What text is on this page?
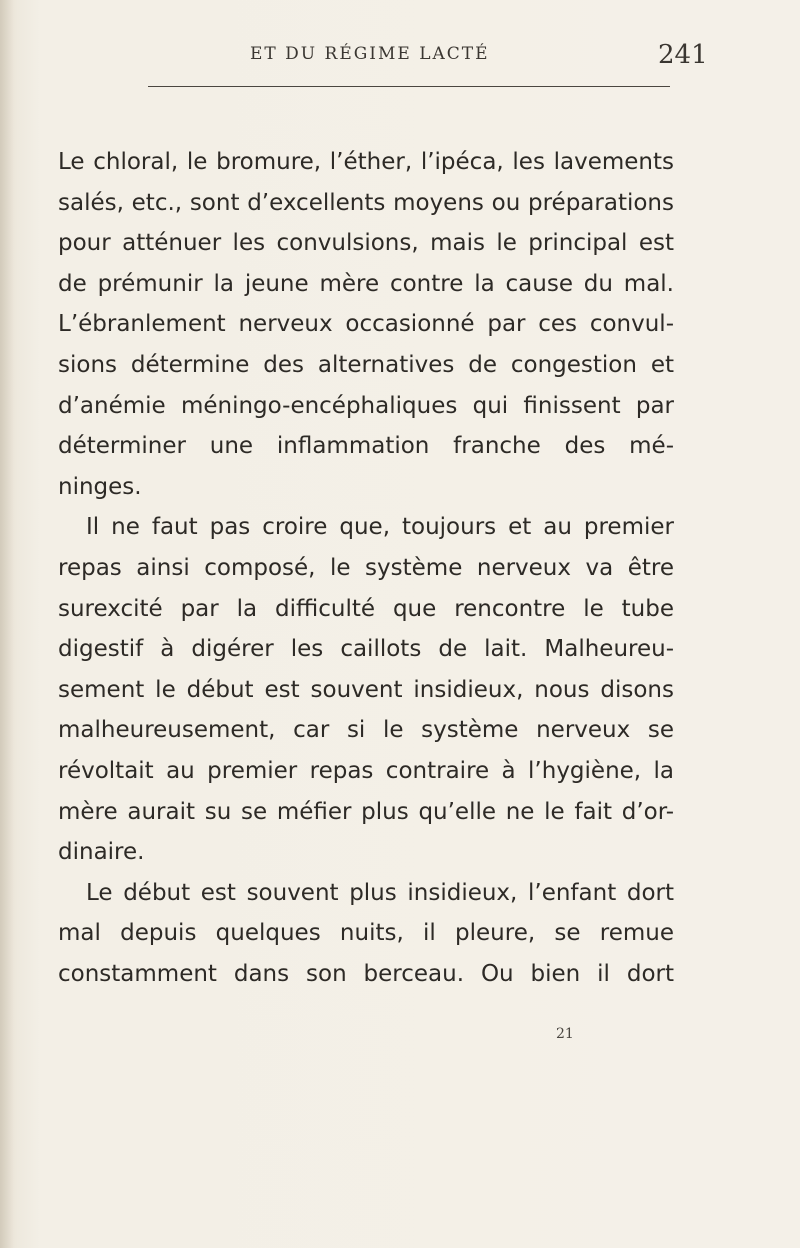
ET DU RÉGIME LACTÉ	241
Le chloral, le bromure, l’éther, l’ipéca, les lavements
salés, etc., sont d’excellents moyens ou préparations
pour atténuer les convulsions, mais le principal est
de prémunir la jeune mère contre la cause du mal.
L’ébranlement nerveux occasionné par ces convul-
sions détermine des alternatives de congestion et
d’anémie méningo-encéphaliques qui finissent par
déterminer une inflammation franche des mé-
ninges.
Il ne faut pas croire que, toujours et au premier
repas ainsi composé, le système nerveux va être
surexcité par la difficulté que rencontre le tube
digestif à digérer les caillots de lait. Malheureu-
sement le début est souvent insidieux, nous disons
malheureusement, car si le système nerveux se
révoltait au premier repas contraire à l’hygiène, la
mère aurait su se méfier plus qu’elle ne le fait d’or-
dinaire.
Le début est souvent plus insidieux, l’enfant dort
mal depuis quelques nuits, il pleure, se remue
constamment dans son berceau. Ou bien il dort
21
